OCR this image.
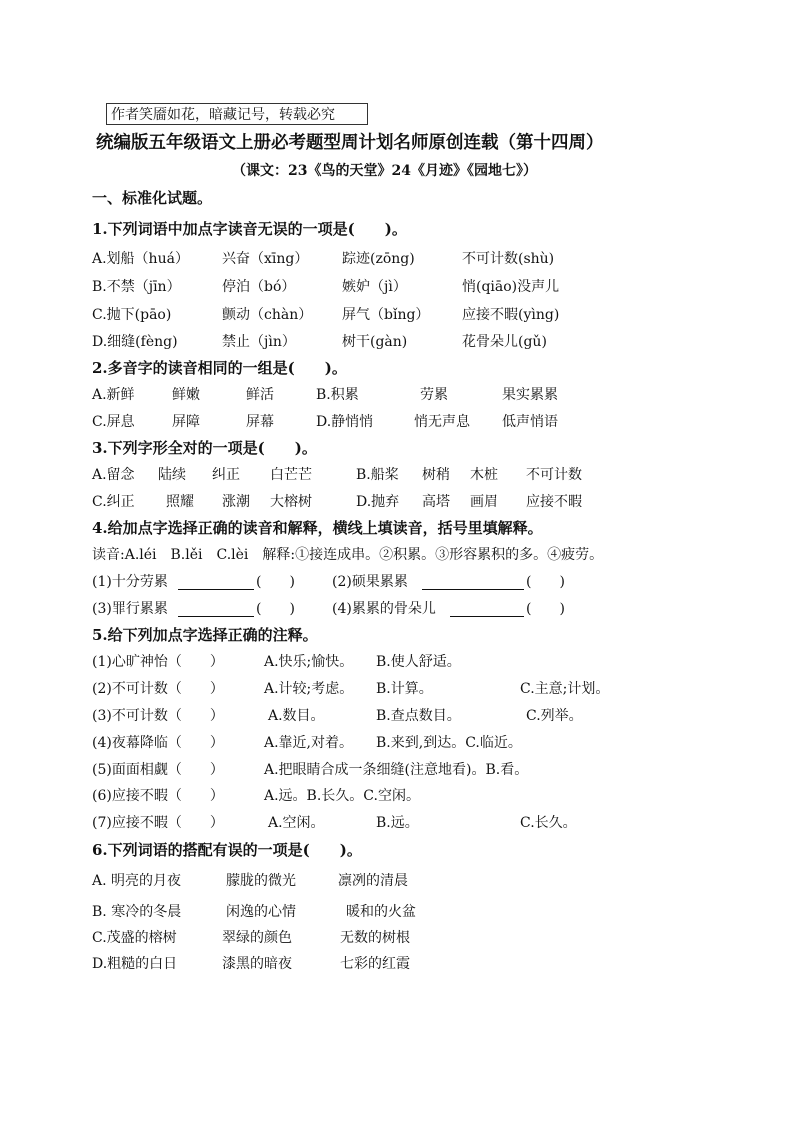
作者笑靥如花，暗藏记号，转载必究
统编版五年级语文上册必考题型周计划名师原创连载（第十四周）
（课文：23《鸟的天堂》24《月迹》《园地七》）
一、标准化试题。
1.下列词语中加点字读音无误的一项是(　　)。
A.划船（huá） 兴奋（xīng） 踪迹(zōng)	不可计数(shù)
B.不禁（jīn）	停泊（bó）	嫉妒（jì）	悄(qiāo)没声儿
C.抛下(pāo)	颤动（chàn） 屏气（bǐng） 应接不暇(yìng)
D.细缝(fèng)	禁止（jìn）	树干(gàn)	花骨朵儿(gǔ)
2.多音字的读音相同的一组是(　　)。
A.新鲜	鲜嫩	鲜活	B.积累	劳累	果实累累
C.屏息	屏障	屏幕	D.静悄悄	悄无声息 低声悄语
3.下列字形全对的一项是(　　)。
A.留念 陆续 纠正 白芒芒	B.船桨 树稍 木桩 不可计数
C.纠正 照耀 涨潮 大榕树	D.抛弃 高塔 画眉 应接不暇
4.给加点字选择正确的读音和解释，横线上填读音，括号里填解释。
读音:A.léi　B.lěi　C.lèi　解释:①接连成串。②积累。③形容累积的多。④疲劳。
(1)十分劳累	(　　)	(2)硕果累累	(　　)
(3)罪行累累	(　　)	(4)累累的骨朵儿	(　　)
5.给下列加点字选择正确的注释。
(1)心旷神怡（　　）	A.快乐;愉快。 B.使人舒适。
(2)不可计数（　　）	A.计较;考虑。 B.计算。	C.主意;计划。
(3)不可计数（　　）	A.数目。	B.查点数目。	C.列举。
(4)夜幕降临（　　）	A.靠近,对着。 B.来到,到达。C.临近。
(5)面面相觑（　　）	A.把眼睛合成一条细缝(注意地看)。B.看。
(6)应接不暇（　　）	A.远。B.长久。C.空闲。
(7)应接不暇（　　）	A.空闲。	B.远。	C.长久。
6.下列词语的搭配有误的一项是(　　)。
A. 明亮的月夜	朦胧的微光	凛冽的清晨
B. 寒冷的冬晨	闲逸的心情	暖和的火盆
C.茂盛的榕树	翠绿的颜色	无数的树根
D.粗糙的白日	漆黑的暗夜	七彩的红霞
